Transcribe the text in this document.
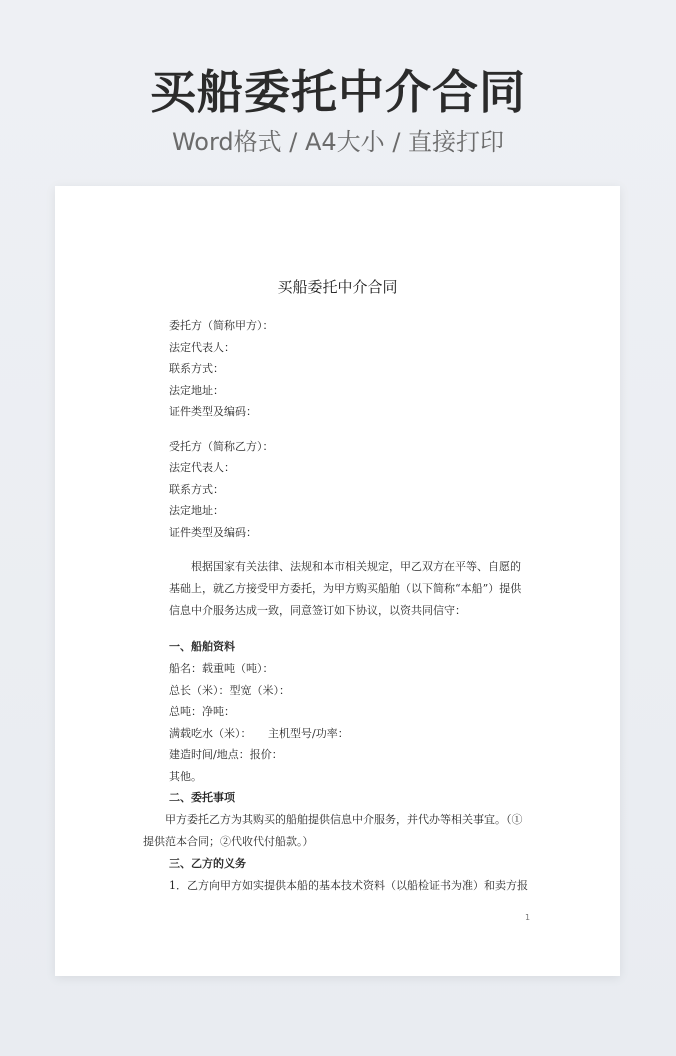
买船委托中介合同
Word格式 / A4大小 / 直接打印
买船委托中介合同
委托方（简称甲方）：
法定代表人：
联系方式：
法定地址：
证件类型及编码：
受托方（简称乙方）：
法定代表人：
联系方式：
法定地址：
证件类型及编码：
根据国家有关法律、法规和本市相关规定，甲乙双方在平等、自愿的基础上，就乙方接受甲方委托，为甲方购买船舶（以下简称“本船”）提供信息中介服务达成一致，同意签订如下协议，以资共同信守：
一、船舶资料
船名：载重吨（吨）：
总长（米）：型宽（米）：
总吨：净吨：
满载吃水（米）：　　主机型号/功率：
建造时间/地点：报价：
其他。
二、委托事项
甲方委托乙方为其购买的船舶提供信息中介服务，并代办等相关事宜。（①提供范本合同；②代收代付船款。）
三、乙方的义务
1．乙方向甲方如实提供本船的基本技术资料（以船检证书为准）和卖方报
1
